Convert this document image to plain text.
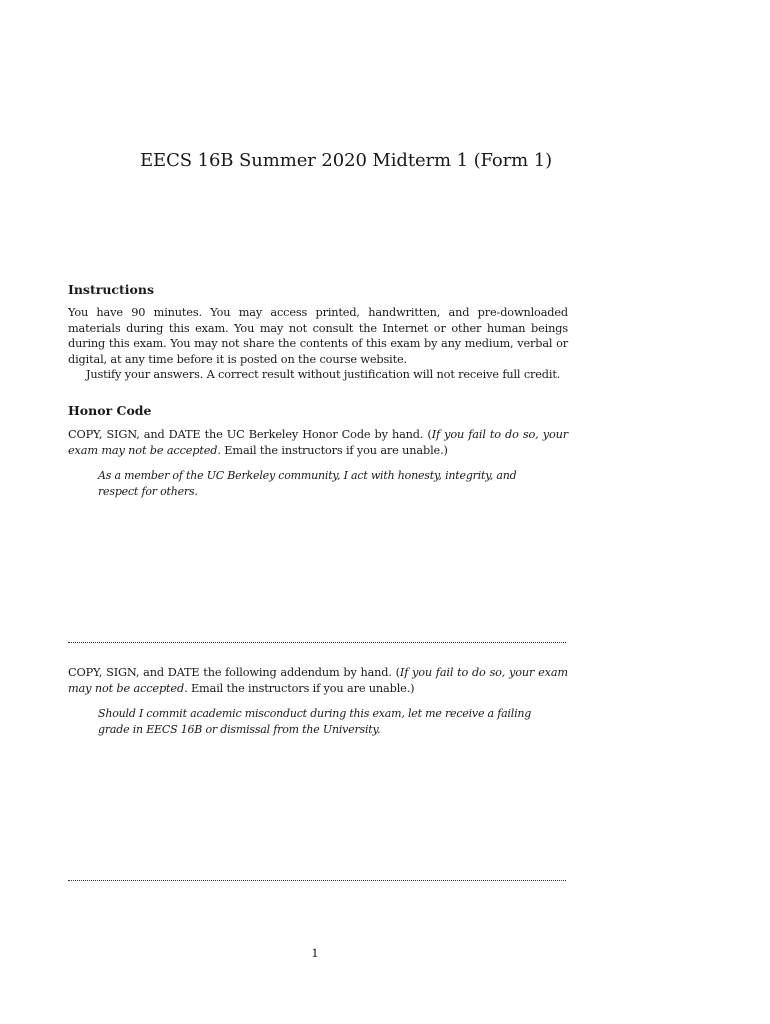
EECS 16B Summer 2020 Midterm 1 (Form 1)
Instructions
You have 90 minutes. You may access printed, handwritten, and pre-downloaded materials during this exam. You may not consult the Internet or other human beings during this exam. You may not share the contents of this exam by any medium, verbal or digital, at any time before it is posted on the course website.
Justify your answers. A correct result without justification will not receive full credit.
Honor Code
COPY, SIGN, and DATE the UC Berkeley Honor Code by hand. (If you fail to do so, your exam may not be accepted. Email the instructors if you are unable.)
As a member of the UC Berkeley community, I act with honesty, integrity, and respect for others.
COPY, SIGN, and DATE the following addendum by hand. (If you fail to do so, your exam may not be accepted. Email the instructors if you are unable.)
Should I commit academic misconduct during this exam, let me receive a failing grade in EECS 16B or dismissal from the University.
1
